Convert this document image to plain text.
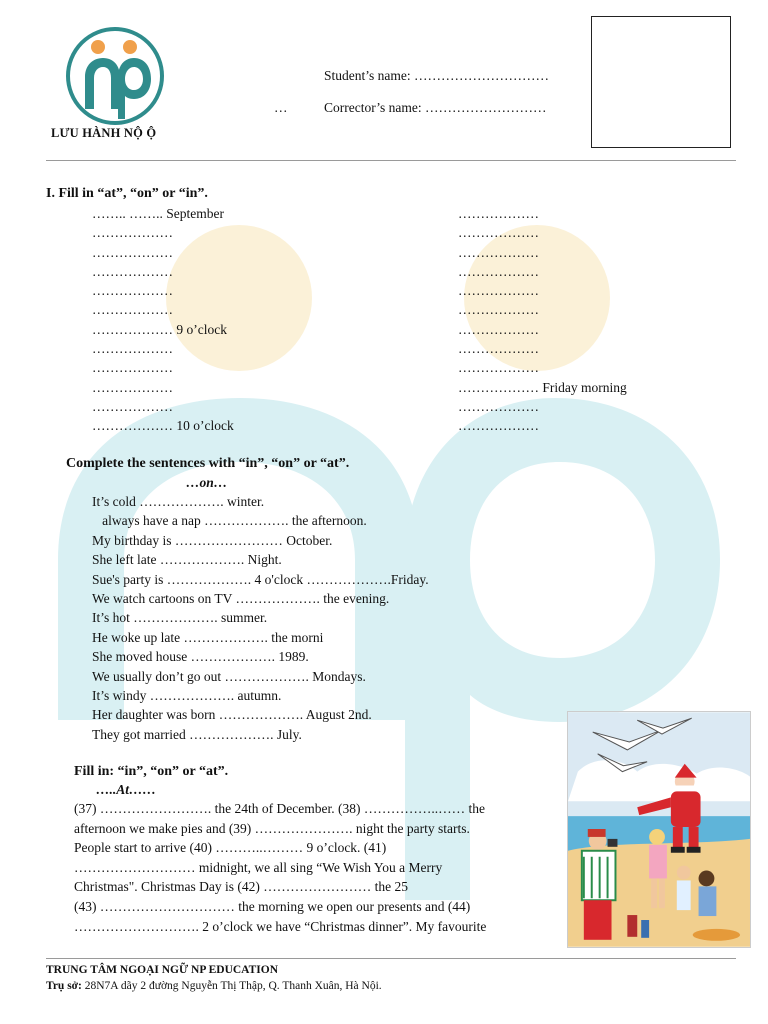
LƯU HÀNH NỘ Ộ
Student’s name: …………………………
…	Corrector’s name: ………………………
I. Fill in “at”, “on” or “in”.
…….. …….. September
………………
………………
………………
………………
………………
……………… 9 o’clock
………………
………………
………………
………………
……………… 10 o’clock
………………
………………
………………
………………
………………
………………
………………
………………
………………
……………… Friday morning
………………
………………
Complete the sentences with “in”, “on” or “at”.
…on…
It’s cold ………………. winter.
always have a nap ………………. the afternoon.
My birthday is …………………… October.
She left late ………………. Night.
Sue's party is ………………. 4 o'clock ……………….Friday.
We watch cartoons on TV ………………. the evening.
It’s hot ………………. summer.
He woke up late ………………. the morni
She moved house ………………. 1989.
We usually don’t go out ………………. Mondays.
It’s windy ………………. autumn.
Her daughter was born ………………. August 2nd.
They got married ………………. July.
Fill in: “in”, “on” or “at”.
…..At……
(37) ……………………. the 24th of December. (38) ……………..…… the
afternoon we make pies and (39) …………………. night the party starts.
People start to arrive (40) ………..……… 9 o’clock. (41)
……………………… midnight, we all sing “We Wish You a Merry
Christmas". Christmas Day is (42) …………………… the 25
(43) ………………………… the morning we open our presents and (44)
………………………. 2 o’clock we have “Christmas dinner”. My favourite
TRUNG TÂM NGOẠI NGỮ NP EDUCATION
Trụ sở: 28N7A dãy 2 đường Nguyễn Thị Thập, Q. Thanh Xuân, Hà Nội.
